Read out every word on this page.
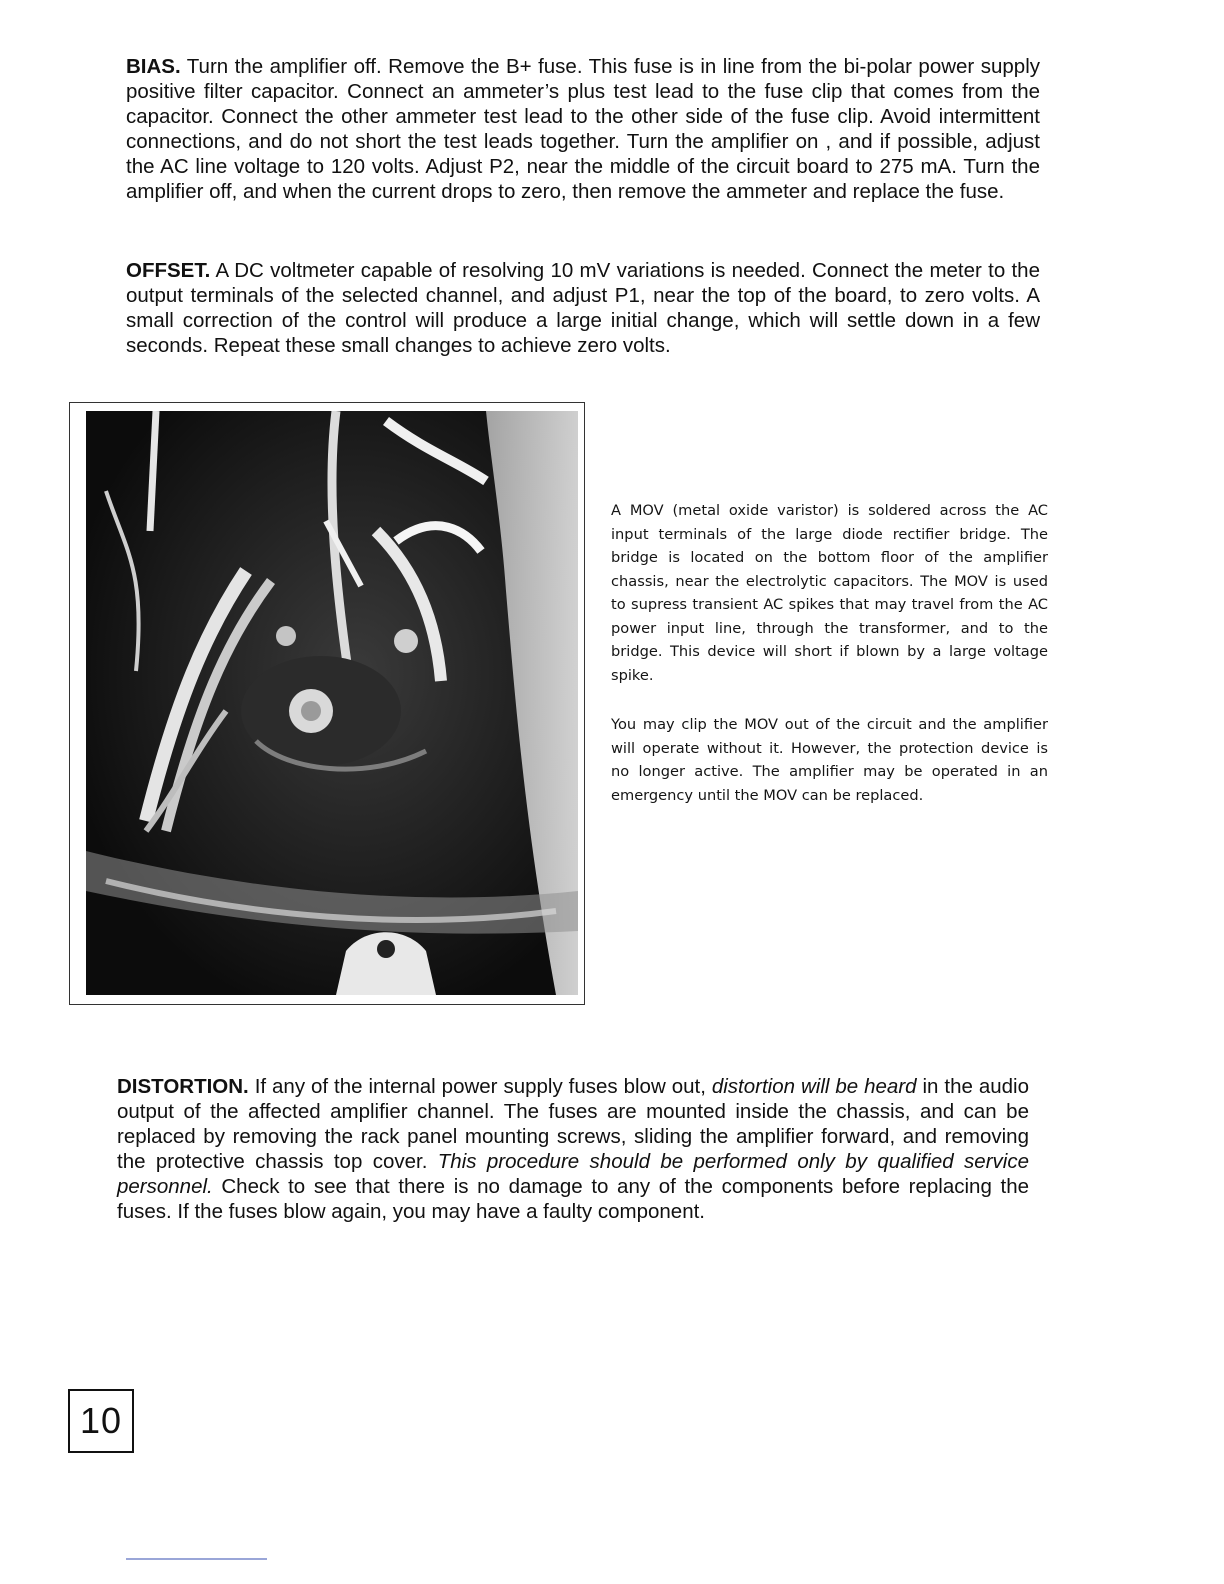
BIAS. Turn the amplifier off. Remove the B+ fuse. This fuse is in line from the bi-polar power supply positive filter capacitor. Connect an ammeter’s plus test lead to the fuse clip that comes from the capacitor. Connect the other ammeter test lead to the other side of the fuse clip. Avoid intermittent connections, and do not short the test leads together. Turn the amplifier on , and if possible, adjust the AC line voltage to 120 volts. Adjust P2, near the middle of the circuit board to 275 mA. Turn the amplifier off, and when the current drops to zero, then remove the ammeter and replace the fuse.

OFFSET. A DC voltmeter capable of resolving 10 mV variations is needed. Connect the meter to the output terminals of the selected channel, and adjust P1, near the top of the board, to zero volts. A small correction of the control will produce a large initial change, which will settle down in a few seconds. Repeat these small changes to achieve zero volts.

A MOV (metal oxide varistor) is soldered across the AC input terminals of the large diode rectifier bridge. The bridge is located on the bottom floor of the amplifier chassis, near the electrolytic capacitors. The MOV is used to supress transient AC spikes that may travel from the AC power input line, through the transformer, and to the bridge. This device will short if blown by a large voltage spike.

You may clip the MOV out of the circuit and the amplifier will operate without it. However, the protection device is no longer active. The amplifier may be operated in an emergency until the MOV can be replaced.

DISTORTION. If any of the internal power supply fuses blow out, distortion will be heard in the audio output of the affected amplifier channel. The fuses are mounted inside the chassis, and can be replaced by removing the rack panel mounting screws, sliding the amplifier forward, and removing the protective chassis top cover. This procedure should be performed only by qualified service personnel. Check to see that there is no damage to any of the components before replacing the fuses. If the fuses blow again, you may have a faulty component.

10
